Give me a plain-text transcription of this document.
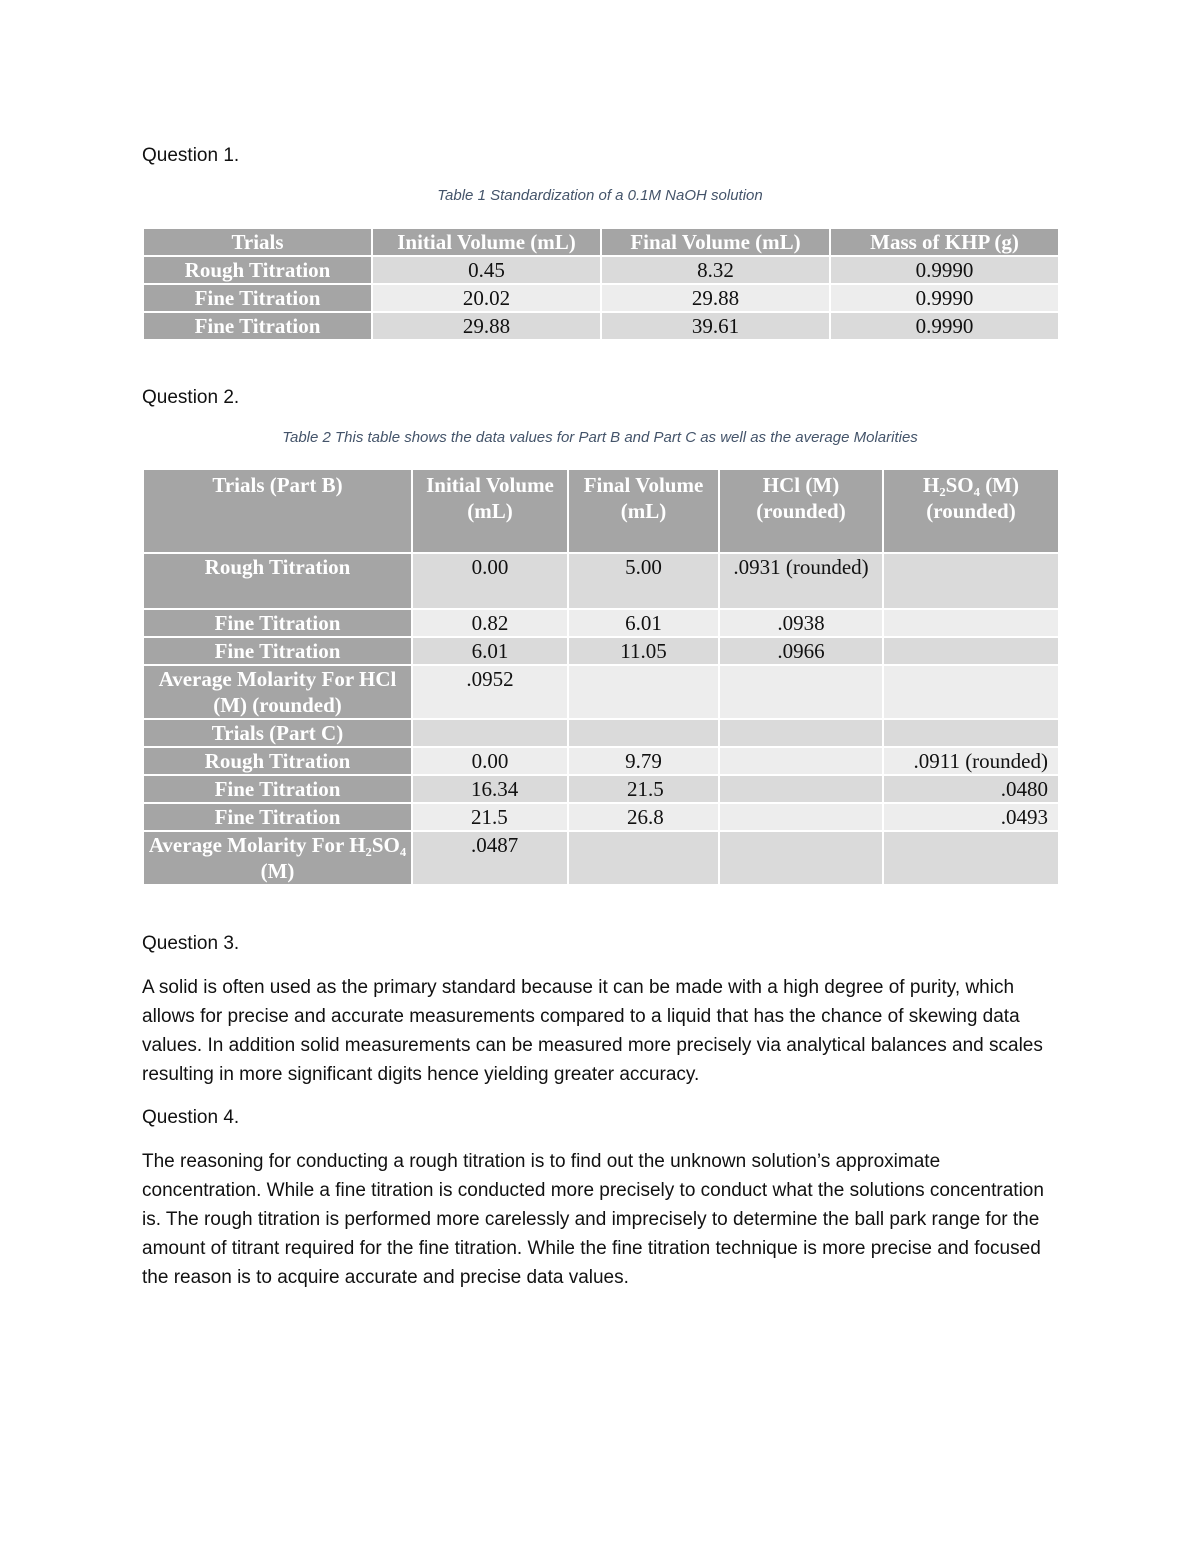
Question 1.

Table 1 Standardization of a 0.1M NaOH solution

Trials	Initial Volume (mL)	Final Volume (mL)	Mass of KHP (g)
Rough Titration	0.45	8.32	0.9990
Fine Titration	20.02	29.88	0.9990
Fine Titration	29.88	39.61	0.9990

Question 2.

Table 2 This table shows the data values for Part B and Part C as well as the average Molarities

Trials (Part B)	Initial Volume (mL)	Final Volume (mL)	HCl (M) (rounded)	H₂SO₄ (M) (rounded)
Rough Titration	0.00	5.00	.0931 (rounded)	
Fine Titration	0.82	6.01	.0938	
Fine Titration	6.01	11.05	.0966	
Average Molarity For HCl (M) (rounded)	.0952			
Trials (Part C)				
Rough Titration	0.00	9.79		.0911 (rounded)
Fine Titration	16.34	21.5		.0480
Fine Titration	21.5	26.8		.0493
Average Molarity For H₂SO₄ (M)	.0487			

Question 3.

A solid is often used as the primary standard because it can be made with a high degree of purity, which allows for precise and accurate measurements compared to a liquid that has the chance of skewing data values. In addition solid measurements can be measured more precisely via analytical balances and scales resulting in more significant digits hence yielding greater accuracy.

Question 4.

The reasoning for conducting a rough titration is to find out the unknown solution’s approximate concentration. While a fine titration is conducted more precisely to conduct what the solutions concentration is. The rough titration is performed more carelessly and imprecisely to determine the ball park range for the amount of titrant required for the fine titration. While the fine titration technique is more precise and focused the reason is to acquire accurate and precise data values.
